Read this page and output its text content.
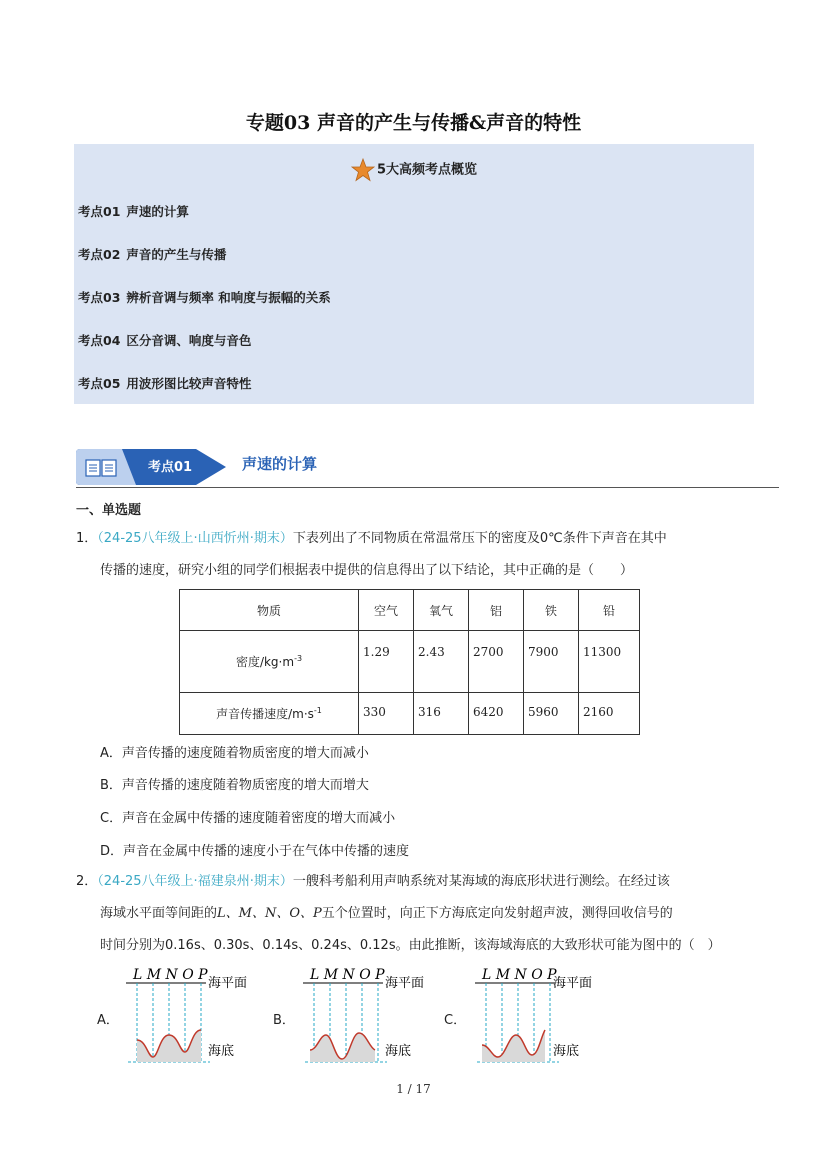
专题03 声音的产生与传播&声音的特性
5大高频考点概览
考点01 声速的计算
考点02 声音的产生与传播
考点03 辨析音调与频率 和响度与振幅的关系
考点04 区分音调、响度与音色
考点05 用波形图比较声音特性
考点01	声速的计算
一、单选题
1．（24-25八年级上·山西忻州·期末）下表列出了不同物质在常温常压下的密度及0℃条件下声音在其中
传播的速度，研究小组的同学们根据表中提供的信息得出了以下结论，其中正确的是（　　）
物质	空气	氧气	铝	铁	铅
密度$/kg\cdot m^{-3}$	1.29	2.43	2700	7900	11300
声音传播速度$/m\cdot s^{-1}$	330	316	6420	5960	2160
A．声音传播的速度随着物质密度的增大而减小
B．声音传播的速度随着物质密度的增大而增大
C．声音在金属中传播的速度随着密度的增大而减小
D．声音在金属中传播的速度小于在气体中传播的速度
2．（24-25八年级上·福建泉州·期末）一艘科考船利用声呐系统对某海域的海底形状进行测绘。在经过该
海域水平面等间距的L、M、N、O、P五个位置时，向正下方海底定向发射超声波，测得回收信号的
时间分别为0.16s、0.30s、0.14s、0.24s、0.12s。由此推断，该海域海底的大致形状可能为图中的（　）
A．
L M N O P
海平面
海底
B．
L M N O P
海平面
海底
C．
L M N O P
海平面
海底
1 / 17
